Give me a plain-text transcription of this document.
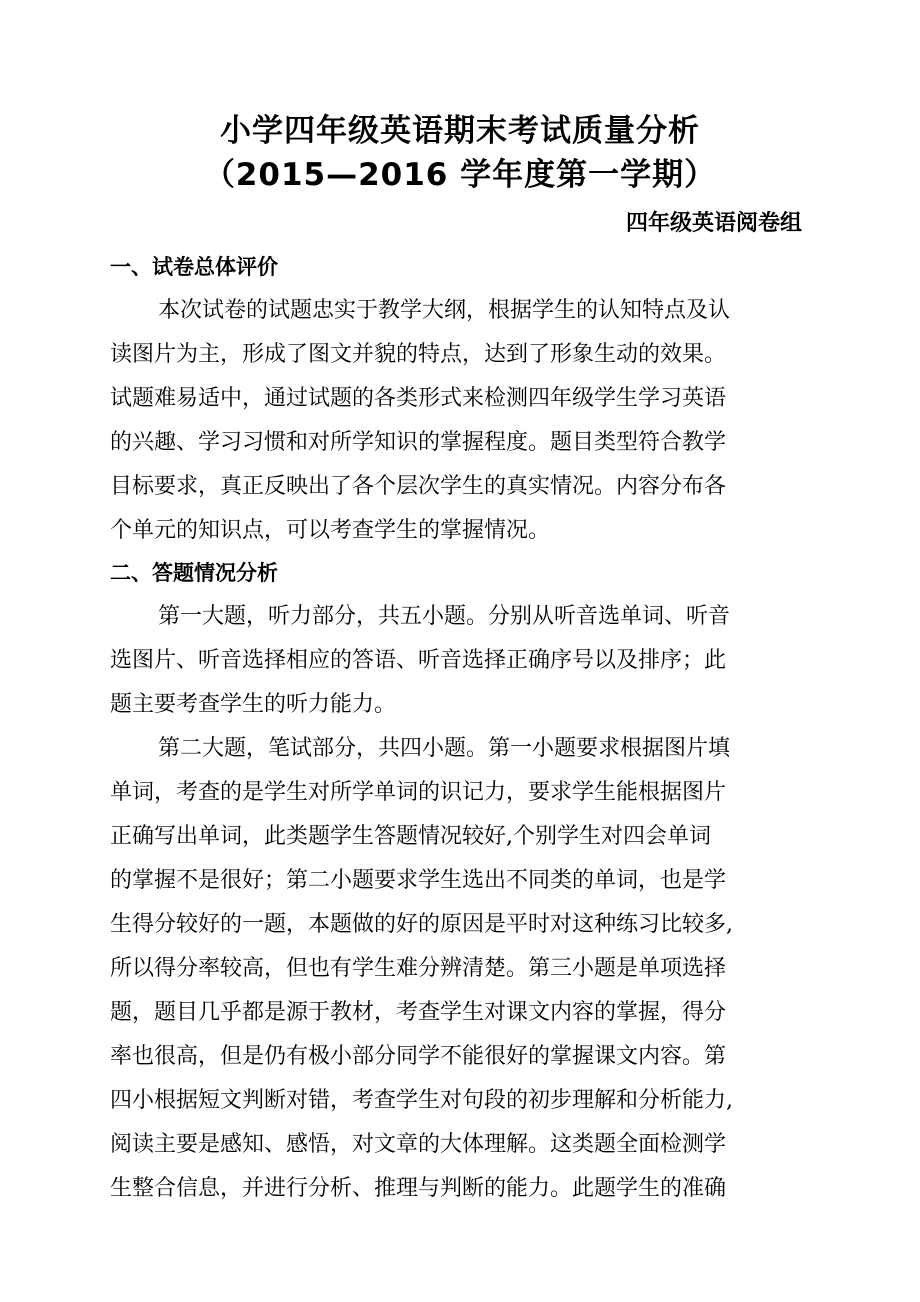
小学四年级英语期末考试质量分析
（2015—2016 学年度第一学期）
四年级英语阅卷组
一、试卷总体评价
本次试卷的试题忠实于教学大纲，根据学生的认知特点及认
读图片为主，形成了图文并貌的特点，达到了形象生动的效果。
试题难易适中，通过试题的各类形式来检测四年级学生学习英语
的兴趣、学习习惯和对所学知识的掌握程度。题目类型符合教学
目标要求，真正反映出了各个层次学生的真实情况。内容分布各
个单元的知识点，可以考查学生的掌握情况。
二、答题情况分析
第一大题，听力部分，共五小题。分别从听音选单词、听音
选图片、听音选择相应的答语、听音选择正确序号以及排序；此
题主要考查学生的听力能力。
第二大题，笔试部分，共四小题。第一小题要求根据图片填
单词，考查的是学生对所学单词的识记力，要求学生能根据图片
正确写出单词，此类题学生答题情况较好,个别学生对四会单词
的掌握不是很好；第二小题要求学生选出不同类的单词，也是学
生得分较好的一题，本题做的好的原因是平时对这种练习比较多,
所以得分率较高，但也有学生难分辨清楚。第三小题是单项选择
题，题目几乎都是源于教材，考查学生对课文内容的掌握，得分
率也很高，但是仍有极小部分同学不能很好的掌握课文内容。第
四小根据短文判断对错，考查学生对句段的初步理解和分析能力,
阅读主要是感知、感悟，对文章的大体理解。这类题全面检测学
生整合信息，并进行分析、推理与判断的能力。此题学生的准确
